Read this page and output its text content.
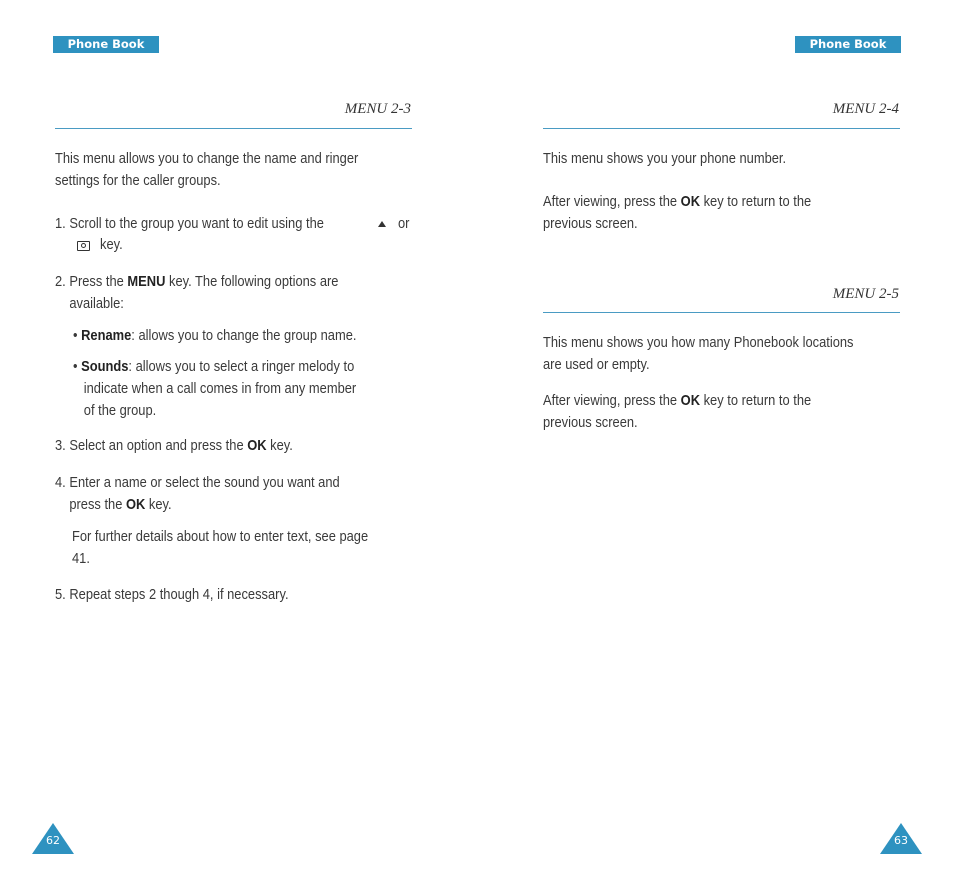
Phone Book
MENU 2-3
This menu allows you to change the name and ringer
settings for the caller groups.
1. Scroll to the group you want to edit using the	or
key.
2. Press the MENU key. The following options are
available:
• Rename: allows you to change the group name.
• Sounds: allows you to select a ringer melody to
indicate when a call comes in from any member
of the group.
3. Select an option and press the OK key.
4. Enter a name or select the sound you want and
press the OK key.
For further details about how to enter text, see page
41.
5. Repeat steps 2 though 4, if necessary.
62
Phone Book
MENU 2-4
This menu shows you your phone number.
After viewing, press the OK key to return to the
previous screen.
MENU 2-5
This menu shows you how many Phonebook locations
are used or empty.
After viewing, press the OK key to return to the
previous screen.
63
